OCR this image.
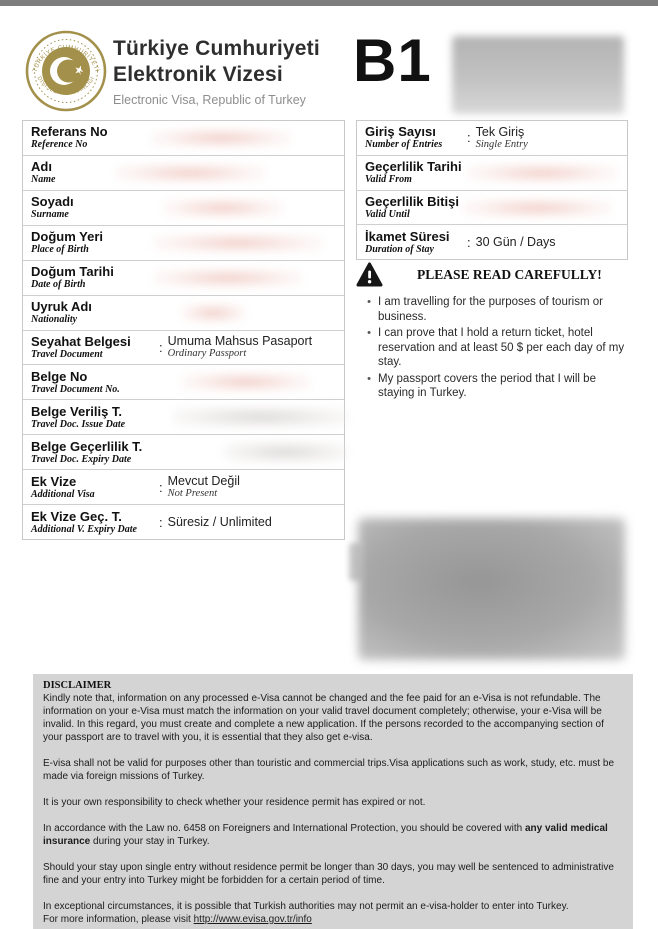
TÜRKİYE CUMHURİYETİ
DIŞİŞLERİ BAKANLIĞI
Türkiye Cumhuriyeti
Elektronik Vizesi
Electronic Visa, Republic of Turkey
B1
Referans No
Reference No
Adı
Name
Soyadı
Surname
Doğum Yeri
Place of Birth
Doğum Tarihi
Date of Birth
Uyruk Adı
Nationality
Seyahat Belgesi
Travel Document	: Umuma Mahsus Pasaport
Ordinary Passport
Belge No
Travel Document No.
Belge Veriliş T.
Travel Doc. Issue Date
Belge Geçerlilik T.
Travel Doc. Expiry Date
Ek Vize
Additional Visa	: Mevcut Değil
Not Present
Ek Vize Geç. T.
Additional V. Expiry Date	: Süresiz / Unlimited
Giriş Sayısı
Number of Entries	: Tek Giriş
Single Entry
Geçerlilik Tarihi
Valid From
Geçerlilik Bitişi
Valid Until
İkamet Süresi
Duration of Stay	: 30 Gün / Days
PLEASE READ CAREFULLY!
• I am travelling for the purposes of tourism or business.
• I can prove that I hold a return ticket, hotel reservation and at least 50 $ per each day of my stay.
• My passport covers the period that I will be staying in Turkey.
DISCLAIMER

Kindly note that, information on any processed e-Visa cannot be changed and the fee paid for an e-Visa is not refundable. The information on your e-Visa must match the information on your valid travel document completely; otherwise, your e-Visa will be invalid. In this regard, you must create and complete a new application. If the persons recorded to the accompanying section of your passport are to travel with you, it is essential that they also get e-visa.

E-visa shall not be valid for purposes other than touristic and commercial trips.Visa applications such as work, study, etc. must be made via foreign missions of Turkey.

It is your own responsibility to check whether your residence permit has expired or not.

In accordance with the Law no. 6458 on Foreigners and International Protection, you should be covered with any valid medical insurance during your stay in Turkey.

Should your stay upon single entry without residence permit be longer than 30 days, you may well be sentenced to administrative fine and your entry into Turkey might be forbidden for a certain period of time.

In exceptional circumstances, it is possible that Turkish authorities may not permit an e-visa-holder to enter into Turkey.
For more information, please visit http://www.evisa.gov.tr/info
